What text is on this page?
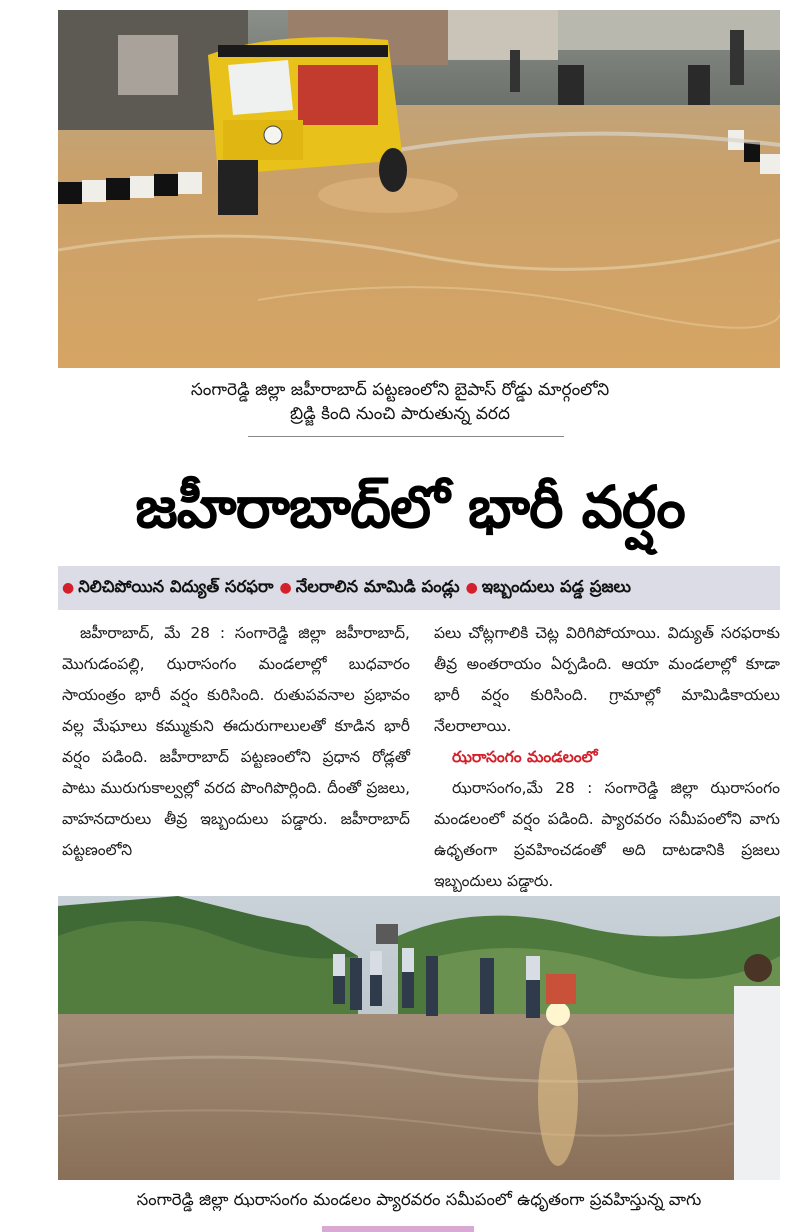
సంగారెడ్డి జిల్లా జహీరాబాద్ పట్టణంలోని బైపాస్ రోడ్డు మార్గంలోని
బ్రిడ్జి కింది నుంచి పారుతున్న వరద
జహీరాబాద్‌లో భారీ వర్షం
● నిలిచిపోయిన విద్యుత్ సరఫరా ● నేలరాలిన మామిడి పండ్లు ● ఇబ్బందులు పడ్డ ప్రజలు

జహీరాబాద్, మే 28 : సంగారెడ్డి జిల్లా జహీరాబాద్, మొగుడంపల్లి, ఝరాసంగం మండలాల్లో బుధవారం సాయంత్రం భారీ వర్షం కురిసింది. రుతుపవనాల ప్రభావం వల్ల మేఘాలు కమ్ముకుని ఈదురుగాలులతో కూడిన భారీ వర్షం పడింది. జహీరాబాద్ పట్టణంలోని ప్రధాన రోడ్లతో పాటు మురుగుకాల్వల్లో వరద పొంగిపొర్లింది. దీంతో ప్రజలు, వాహనదారులు తీవ్ర ఇబ్బందులు పడ్డారు. జహీరాబాద్ పట్టణంలోని

పలు చోట్లగాలికి చెట్ల విరిగిపోయాయి. విద్యుత్ సరఫరాకు తీవ్ర అంతరాయం ఏర్పడింది. ఆయా మండలాల్లో కూడా భారీ వర్షం కురిసింది. గ్రామాల్లో మామిడికాయలు నేలరాలాయి.

ఝరాసంగం మండలంలో

ఝరాసంగం,మే 28 : సంగారెడ్డి జిల్లా ఝరాసంగం మండలంలో వర్షం పడింది. ప్యారవరం సమీపంలోని వాగు ఉధృతంగా ప్రవహించడంతో అది దాటడానికి ప్రజలు ఇబ్బందులు పడ్డారు.

సంగారెడ్డి జిల్లా ఝరాసంగం మండలం ప్యారవరం సమీపంలో ఉధృతంగా ప్రవహిస్తున్న వాగు
